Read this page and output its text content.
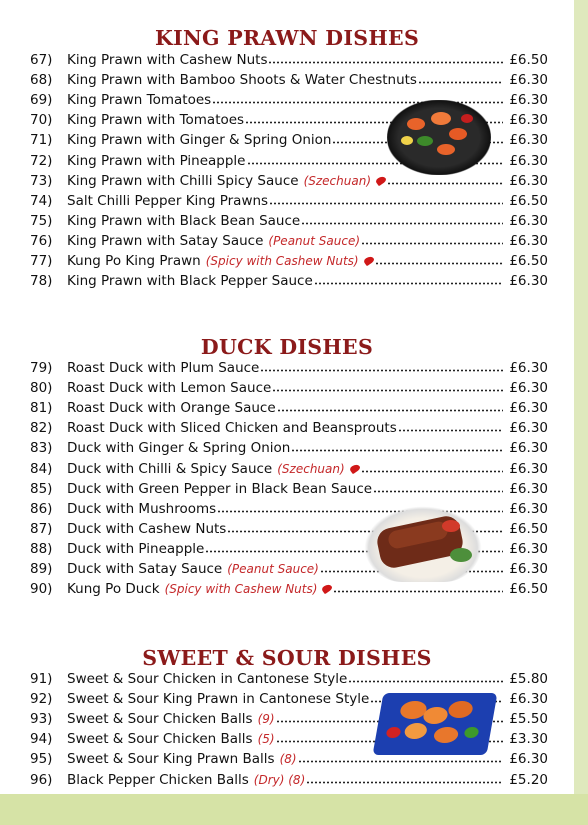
KING PRAWN DISHES
67)	King Prawn with Cashew Nuts	£6.50
68)	King Prawn with Bamboo Shoots & Water Chestnuts	£6.30
69)	King Prawn Tomatoes	£6.30
70)	King Prawn with Tomatoes	£6.30
71)	King Prawn with Ginger & Spring Onion	£6.30
72)	King Prawn with Pineapple	£6.30
73)	King Prawn with Chilli Spicy Sauce (Szechuan)	£6.30
74)	Salt Chilli Pepper King Prawns	£6.50
75)	King Prawn with Black Bean Sauce	£6.30
76)	King Prawn with Satay Sauce (Peanut Sauce)	£6.30
77)	Kung Po King Prawn (Spicy with Cashew Nuts)	£6.50
78)	King Prawn with Black Pepper Sauce	£6.30
DUCK DISHES
79)	Roast Duck with Plum Sauce	£6.30
80)	Roast Duck with Lemon Sauce	£6.30
81)	Roast Duck with Orange Sauce	£6.30
82)	Roast Duck with Sliced Chicken and Beansprouts	£6.30
83)	Duck with Ginger & Spring Onion	£6.30
84)	Duck with Chilli & Spicy Sauce (Szechuan)	£6.30
85)	Duck with Green Pepper in Black Bean Sauce	£6.30
86)	Duck with Mushrooms	£6.30
87)	Duck with Cashew Nuts	£6.50
88)	Duck with Pineapple	£6.30
89)	Duck with Satay Sauce (Peanut Sauce)	£6.30
90)	Kung Po Duck (Spicy with Cashew Nuts)	£6.50
SWEET & SOUR DISHES
91)	Sweet & Sour Chicken in Cantonese Style	£5.80
92)	Sweet & Sour King Prawn in Cantonese Style	£6.30
93)	Sweet & Sour Chicken Balls (9)	£5.50
94)	Sweet & Sour Chicken Balls (5)	£3.30
95)	Sweet & Sour King Prawn Balls (8)	£6.30
96)	Black Pepper Chicken Balls (Dry) (8)	£5.20
